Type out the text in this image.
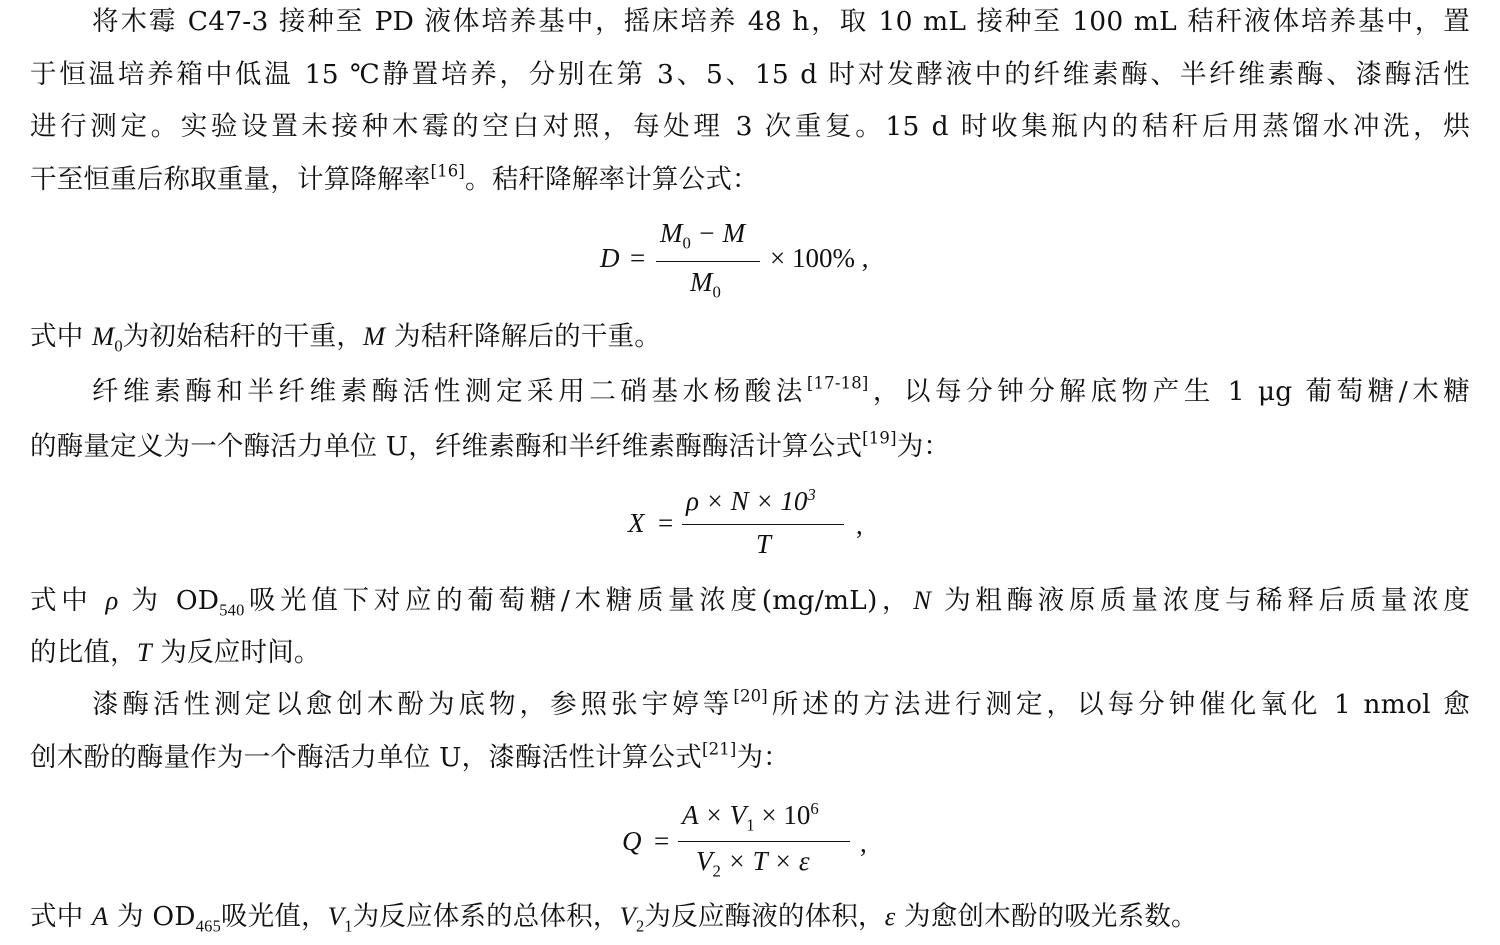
将木霉 C47-3 接种至 PD 液体培养基中，摇床培养 48 h，取 10 mL 接种至 100 mL 秸秆液体培养基中，置
于恒温培养箱中低温 15 ℃静置培养，分别在第 3、5、15 d 时对发酵液中的纤维素酶、半纤维素酶、漆酶活性
进行测定。实验设置未接种木霉的空白对照，每处理 3 次重复。15 d 时收集瓶内的秸秆后用蒸馏水冲洗，烘
干至恒重后称取重量，计算降解率[16]。秸秆降解率计算公式：
D =
$M_0 - M$
$M_0$
× 100% ,
式中 $M_0$为初始秸秆的干重，M 为秸秆降解后的干重。
纤维素酶和半纤维素酶活性测定采用二硝基水杨酸法[17-18]，以每分钟分解底物产生 1 μg 葡萄糖/木糖
的酶量定义为一个酶活力单位 U，纤维素酶和半纤维素酶酶活计算公式[19]为：
X =
$\rho \times N \times 10^3$
T
,
式中 ρ 为 $OD_{540}$吸光值下对应的葡萄糖/木糖质量浓度(mg/mL)，N 为粗酶液原质量浓度与稀释后质量浓度
的比值，T 为反应时间。
漆酶活性测定以愈创木酚为底物，参照张宇婷等[20]所述的方法进行测定，以每分钟催化氧化 1 nmol 愈
创木酚的酶量作为一个酶活力单位 U，漆酶活性计算公式[21]为：
Q =
$A \times V_1 \times 10^6$
$V_2 \times T \times \varepsilon$
,
式中 A 为 $OD_{465}$吸光值，$V_1$为反应体系的总体积，$V_2$为反应酶液的体积，ε 为愈创木酚的吸光系数。
